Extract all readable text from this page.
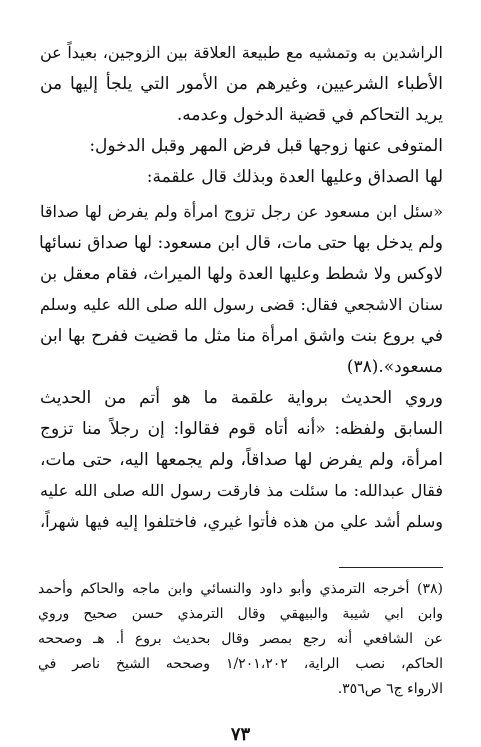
الراشدين به وتمشيه مع طبيعة العلاقة بين الزوجين، بعيداً عن
الأطباء الشرعيين، وغيرهم من الأمور التي يلجأ إليها من
يريد التحاكم في قضية الدخول وعدمه.
المتوفى عنها زوجها قبل فرض المهر وقبل الدخول:
لها الصداق وعليها العدة وبذلك قال علقمة:
«سئل ابن مسعود عن رجل تزوج امرأة ولم يفرض لها صداقا
ولم يدخل بها حتى مات، قال ابن مسعود: لها صداق نسائها
لاوكس ولا شطط وعليها العدة ولها الميراث، فقام معقل بن
سنان الاشجعي فقال: قضى رسول الله صلى الله عليه وسلم
في بروع بنت واشق امرأة منا مثل ما قضيت ففرح بها ابن
مسعود».(٣٨)
وروي الحديث برواية علقمة ما هو أتم من الحديث
السابق ولفظه: «أنه أتاه قوم فقالوا: إن رجلاً منا تزوج
امرأة، ولم يفرض لها صداقاً، ولم يجمعها اليه، حتى مات،
فقال عبدالله: ما سئلت مذ فارقت رسول الله صلى الله عليه
وسلم أشد علي من هذه فأتوا غيري، فاختلفوا إليه فيها شهراً،
(٣٨) أخرجه الترمذي وأبو داود والنسائي وابن ماجه والحاكم وأحمد
وابن ابي شيبة والبيهقي وقال الترمذي حسن صحيح وروي
عن الشافعي أنه رجع بمصر وقال بحديث بروع أ. هـ وصححه
الحاكم، نصب الراية، ١/٢٠١،٢٠٢ وصححه الشيخ ناصر في
الارواء ج٦ ص٣٥٦.
٧٣
